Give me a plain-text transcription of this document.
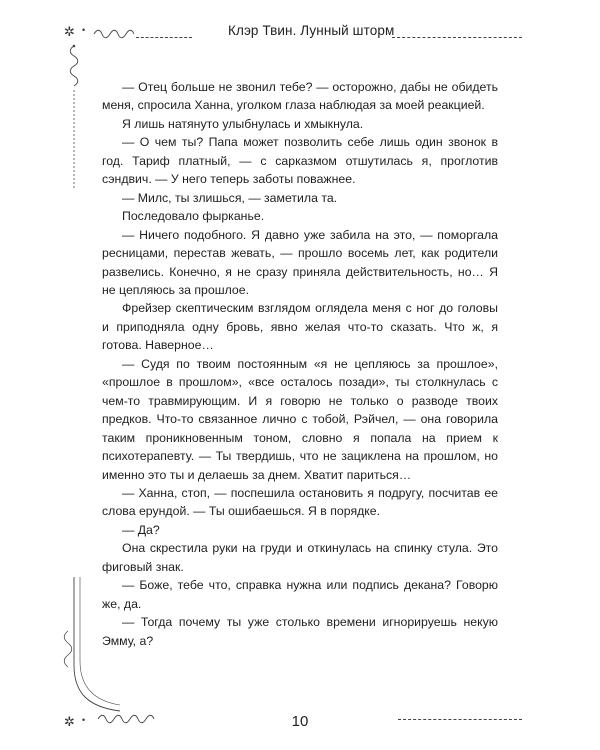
✲ •	Клэр Твин. Лунный шторм
✲ •

— Отец больше не звонил тебе? — осторожно, дабы не обидеть меня, спросила Ханна, уголком глаза наблюдая за моей реакцией.

Я лишь натянуто улыбнулась и хмыкнула.

— О чем ты? Папа может позволить себе лишь один звонок в год. Тариф платный, — с сарказмом отшутилась я, проглотив сэндвич. — У него теперь заботы поважнее.

— Милс, ты злишься, — заметила та.

Последовало фырканье.

— Ничего подобного. Я давно уже забила на это, — поморгала ресницами, перестав жевать, — прошло восемь лет, как родители развелись. Конечно, я не сразу приняла действительность, но… Я не цепляюсь за прошлое.

Фрейзер скептическим взглядом оглядела меня с ног до головы и приподняла одну бровь, явно желая что-то сказать. Что ж, я готова. Наверное…

— Судя по твоим постоянным «я не цепляюсь за прошлое», «прошлое в прошлом», «все осталось позади», ты столкнулась с чем-то травмирующим. И я говорю не только о разводе твоих предков. Что-то связанное лично с тобой, Рэйчел, — она говорила таким проникновенным тоном, словно я попала на прием к психотерапевту. — Ты твердишь, что не зациклена на прошлом, но именно это ты и делаешь за днем. Хватит париться…

— Ханна, стоп, — поспешила остановить я подругу, посчитав ее слова ерундой. — Ты ошибаешься. Я в порядке.

— Да?

Она скрестила руки на груди и откинулась на спинку стула. Это фиговый знак.

— Боже, тебе что, справка нужна или подпись декана? Говорю же, да.

— Тогда почему ты уже столько времени игнорируешь некую Эмму, а?

10
